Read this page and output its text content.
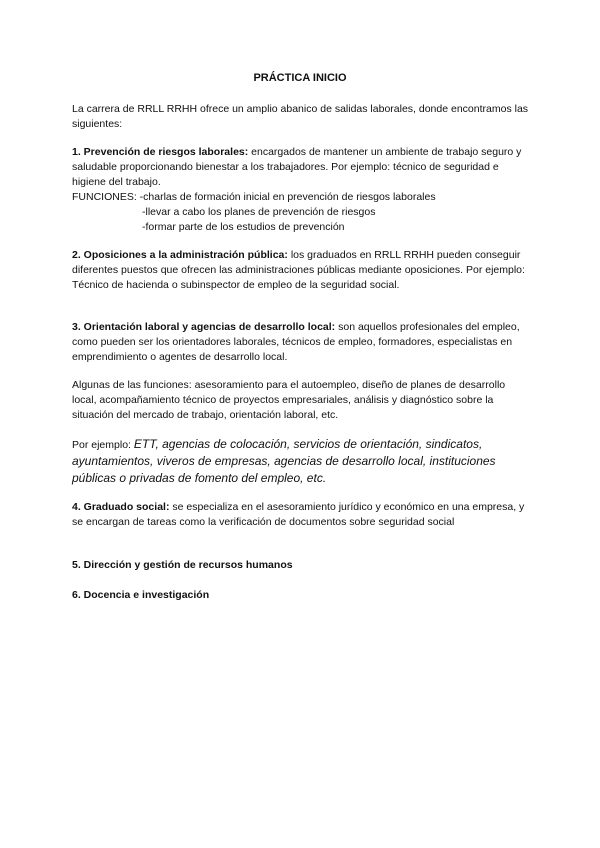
PRÁCTICA INICIO

La carrera de RRLL RRHH ofrece un amplio abanico de salidas laborales, donde encontramos las siguientes:

1. Prevención de riesgos laborales: encargados de mantener un ambiente de trabajo seguro y saludable proporcionando bienestar a los trabajadores. Por ejemplo: técnico de seguridad e higiene del trabajo.

FUNCIONES: -charlas de formación inicial en prevención de riesgos laborales

-llevar a cabo los planes de prevención de riesgos

-formar parte de los estudios de prevención

2. Oposiciones a la administración pública: los graduados en RRLL RRHH pueden conseguir diferentes puestos que ofrecen las administraciones públicas mediante oposiciones. Por ejemplo: Técnico de hacienda o subinspector de empleo de la seguridad social.

3. Orientación laboral y agencias de desarrollo local: son aquellos profesionales del empleo, como pueden ser los orientadores laborales, técnicos de empleo, formadores, especialistas en emprendimiento o agentes de desarrollo local.

Algunas de las funciones: asesoramiento para el autoempleo, diseño de planes de desarrollo local, acompañamiento técnico de proyectos empresariales, análisis y diagnóstico sobre la situación del mercado de trabajo, orientación laboral, etc.

Por ejemplo: ETT, agencias de colocación, servicios de orientación, sindicatos, ayuntamientos, viveros de empresas, agencias de desarrollo local, instituciones públicas o privadas de fomento del empleo, etc.

4. Graduado social: se especializa en el asesoramiento jurídico y económico en una empresa, y se encargan de tareas como la verificación de documentos sobre seguridad social

5. Dirección y gestión de recursos humanos

6. Docencia e investigación
